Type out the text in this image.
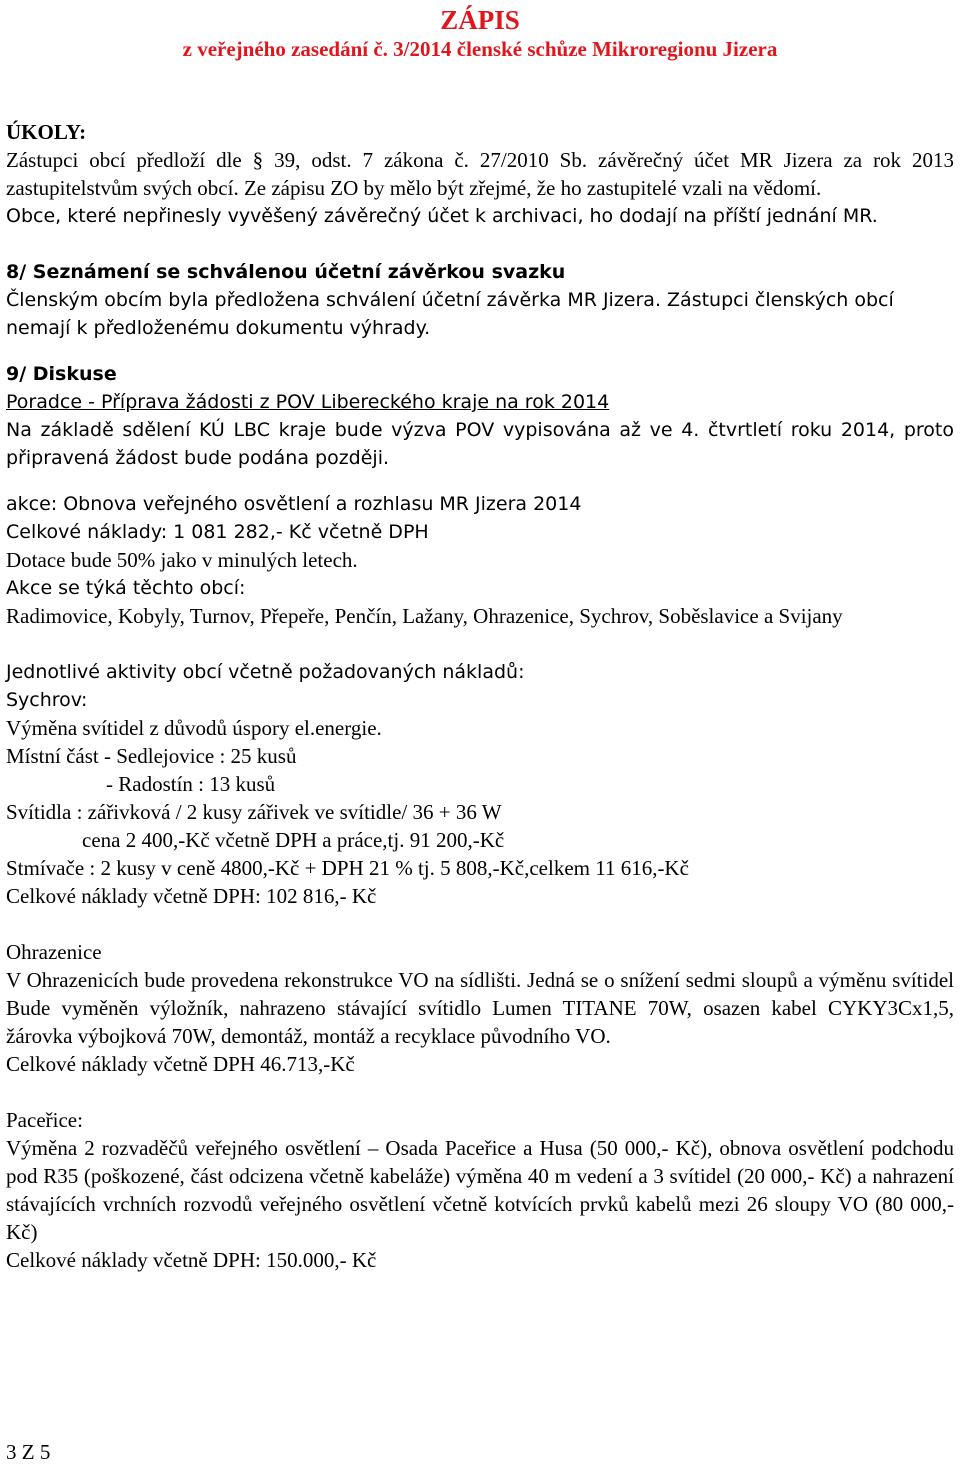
ZÁPIS
z veřejného zasedání č. 3/2014 členské schůze Mikroregionu Jizera

ÚKOLY:

Zástupci obcí předloží dle § 39, odst. 7 zákona č. 27/2010 Sb. závěrečný účet MR Jizera za rok 2013 zastupitelstvům svých obcí. Ze zápisu ZO by mělo být zřejmé, že ho zastupitelé vzali na vědomí.

Obce, které nepřinesly vyvěšený závěrečný účet k archivaci, ho dodají na příští jednání MR.

8/ Seznámení se schválenou účetní závěrkou svazku

Členským obcím byla předložena schválení účetní závěrka MR Jizera. Zástupci členských obcí nemají k předloženému dokumentu výhrady.

9/ Diskuse

Poradce - Příprava žádosti z POV Libereckého kraje na rok 2014

Na základě sdělení KÚ LBC kraje bude výzva POV vypisována až ve 4. čtvrtletí roku 2014, proto připravená žádost bude podána později.

akce: Obnova veřejného osvětlení a rozhlasu MR Jizera 2014

Celkové náklady: 1 081 282,- Kč včetně DPH

Dotace bude 50% jako v minulých letech.

Akce se týká těchto obcí:

Radimovice, Kobyly, Turnov, Přepeře, Penčín, Lažany, Ohrazenice, Sychrov, Soběslavice a Svijany

Jednotlivé aktivity obcí včetně požadovaných nákladů:

Sychrov:

Výměna svítidel z důvodů úspory el.energie.

Místní část - Sedlejovice : 25 kusů

- Radostín : 13 kusů

Svítidla : zářivková / 2 kusy zářivek ve svítidle/ 36 + 36 W

cena 2 400,-Kč včetně DPH a práce,tj. 91 200,-Kč

Stmívače : 2 kusy v ceně 4800,-Kč + DPH 21 % tj. 5 808,-Kč,celkem 11 616,-Kč

Celkové náklady včetně DPH: 102 816,- Kč

Ohrazenice

V Ohrazenicích bude provedena rekonstrukce VO na sídlišti. Jedná se o snížení sedmi sloupů a výměnu svítidel Bude vyměněn výložník, nahrazeno stávající svítidlo Lumen TITANE 70W, osazen kabel CYKY3Cx1,5, žárovka výbojková 70W, demontáž, montáž a recyklace původního VO.

Celkové náklady včetně DPH 46.713,-Kč

Paceřice:

Výměna 2 rozvaděčů veřejného osvětlení – Osada Paceřice a Husa (50 000,- Kč), obnova osvětlení podchodu pod R35 (poškozené, část odcizena včetně kabeláže) výměna 40 m vedení a 3 svítidel (20 000,- Kč) a nahrazení stávajících vrchních rozvodů veřejného osvětlení včetně kotvících prvků kabelů mezi 26 sloupy VO (80 000,- Kč)

Celkové náklady včetně DPH: 150.000,- Kč

3 Z 5
